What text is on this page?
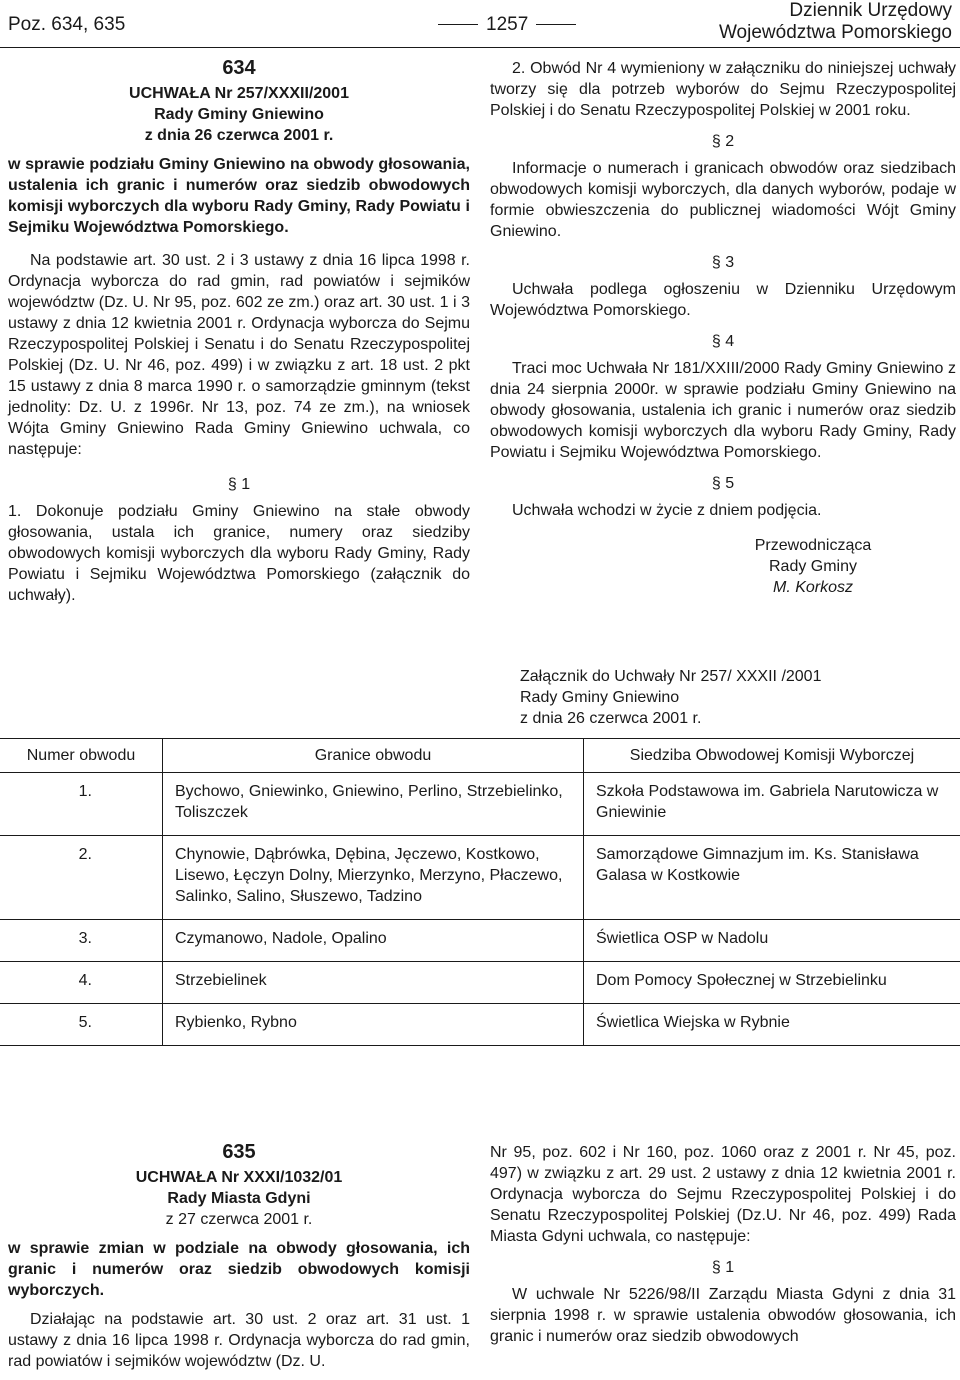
Poz. 634, 635	1257
Dziennik Urzędowy
Województwa Pomorskiego
634
UCHWAŁA Nr 257/XXXII/2001
Rady Gminy Gniewino
z dnia 26 czerwca 2001 r.

w sprawie podziału Gminy Gniewino na obwody głosowania, ustalenia ich granic i numerów oraz siedzib obwodowych komisji wyborczych dla wyboru Rady Gminy, Rady Powiatu i Sejmiku Województwa Pomorskiego.

Na podstawie art. 30 ust. 2 i 3 ustawy z dnia 16 lipca 1998 r. Ordynacja wyborcza do rad gmin, rad powiatów i sejmików województw (Dz. U. Nr 95, poz. 602 ze zm.) oraz art. 30 ust. 1 i 3 ustawy z dnia 12 kwietnia 2001 r. Ordynacja wyborcza do Sejmu Rzeczypospolitej Polskiej i Senatu i do Senatu Rzeczypospolitej Polskiej (Dz. U. Nr 46, poz. 499) i w związku z art. 18 ust. 2 pkt 15 ustawy z dnia 8 marca 1990 r. o samorządzie gminnym (tekst jednolity: Dz. U. z 1996r. Nr 13, poz. 74 ze zm.), na wniosek Wójta Gminy Gniewino Rada Gminy Gniewino uchwala, co następuje:

§ 1

1. Dokonuje podziału Gminy Gniewino na stałe obwody głosowania, ustala ich granice, numery oraz siedziby obwodowych komisji wyborczych dla wyboru Rady Gminy, Rady Powiatu i Sejmiku Województwa Pomorskiego (załącznik do uchwały).

2. Obwód Nr 4 wymieniony w załączniku do niniejszej uchwały tworzy się dla potrzeb wyborów do Sejmu Rzeczypospolitej Polskiej i do Senatu Rzeczypospolitej Polskiej w 2001 roku.

§ 2

Informacje o numerach i granicach obwodów oraz siedzibach obwodowych komisji wyborczych, dla danych wyborów, podaje w formie obwieszczenia do publicznej wiadomości Wójt Gminy Gniewino.

§ 3

Uchwała podlega ogłoszeniu w Dzienniku Urzędowym Województwa Pomorskiego.

§ 4

Traci moc Uchwała Nr 181/XXIII/2000 Rady Gminy Gniewino z dnia 24 sierpnia 2000r. w sprawie podziału Gminy Gniewino na obwody głosowania, ustalenia ich granic i numerów oraz siedzib obwodowych komisji wyborczych dla wyboru Rady Gminy, Rady Powiatu i Sejmiku Województwa Pomorskiego.

§ 5

Uchwała wchodzi w życie z dniem podjęcia.

Przewodnicząca
Rady Gminy
M. Korkosz
Załącznik do Uchwały Nr 257/ XXXII /2001
Rady Gminy Gniewino
z dnia 26 czerwca 2001 r.
Numer obwodu	Granice obwodu	Siedziba Obwodowej Komisji Wyborczej
1.	Bychowo, Gniewinko, Gniewino, Perlino, Strzebielinko, Toliszczek	Szkoła Podstawowa im. Gabriela Narutowicza w Gniewinie
2.	Chynowie, Dąbrówka, Dębina, Jęczewo, Kostkowo, Lisewo, Łęczyn Dolny, Mierzynko, Merzyno, Płaczewo, Salinko, Salino, Słuszewo, Tadzino	Samorządowe Gimnazjum im. Ks. Stanisława Galasa w Kostkowie
3.	Czymanowo, Nadole, Opalino	Świetlica OSP w Nadolu
4.	Strzebielinek	Dom Pomocy Społecznej w Strzebielinku
5.	Rybienko, Rybno	Świetlica Wiejska w Rybnie
635
UCHWAŁA Nr XXXI/1032/01
Rady Miasta Gdyni
z 27 czerwca 2001 r.

w sprawie zmian w podziale na obwody głosowania, ich granic i numerów oraz siedzib obwodowych komisji wyborczych.

Działając na podstawie art. 30 ust. 2 oraz art. 31 ust. 1 ustawy z dnia 16 lipca 1998 r. Ordynacja wyborcza do rad gmin, rad powiatów i sejmików województw (Dz. U.

Nr 95, poz. 602 i Nr 160, poz. 1060 oraz z 2001 r. Nr 45, poz. 497) w związku z art. 29 ust. 2 ustawy z dnia 12 kwietnia 2001 r. Ordynacja wyborcza do Sejmu Rzeczypospolitej Polskiej i do Senatu Rzeczypospolitej Polskiej (Dz.U. Nr 46, poz. 499) Rada Miasta Gdyni uchwala, co następuje:

§ 1

W uchwale Nr 5226/98/II Zarządu Miasta Gdyni z dnia 31 sierpnia 1998 r. w sprawie ustalenia obwodów głosowania, ich granic i numerów oraz siedzib obwodowych
